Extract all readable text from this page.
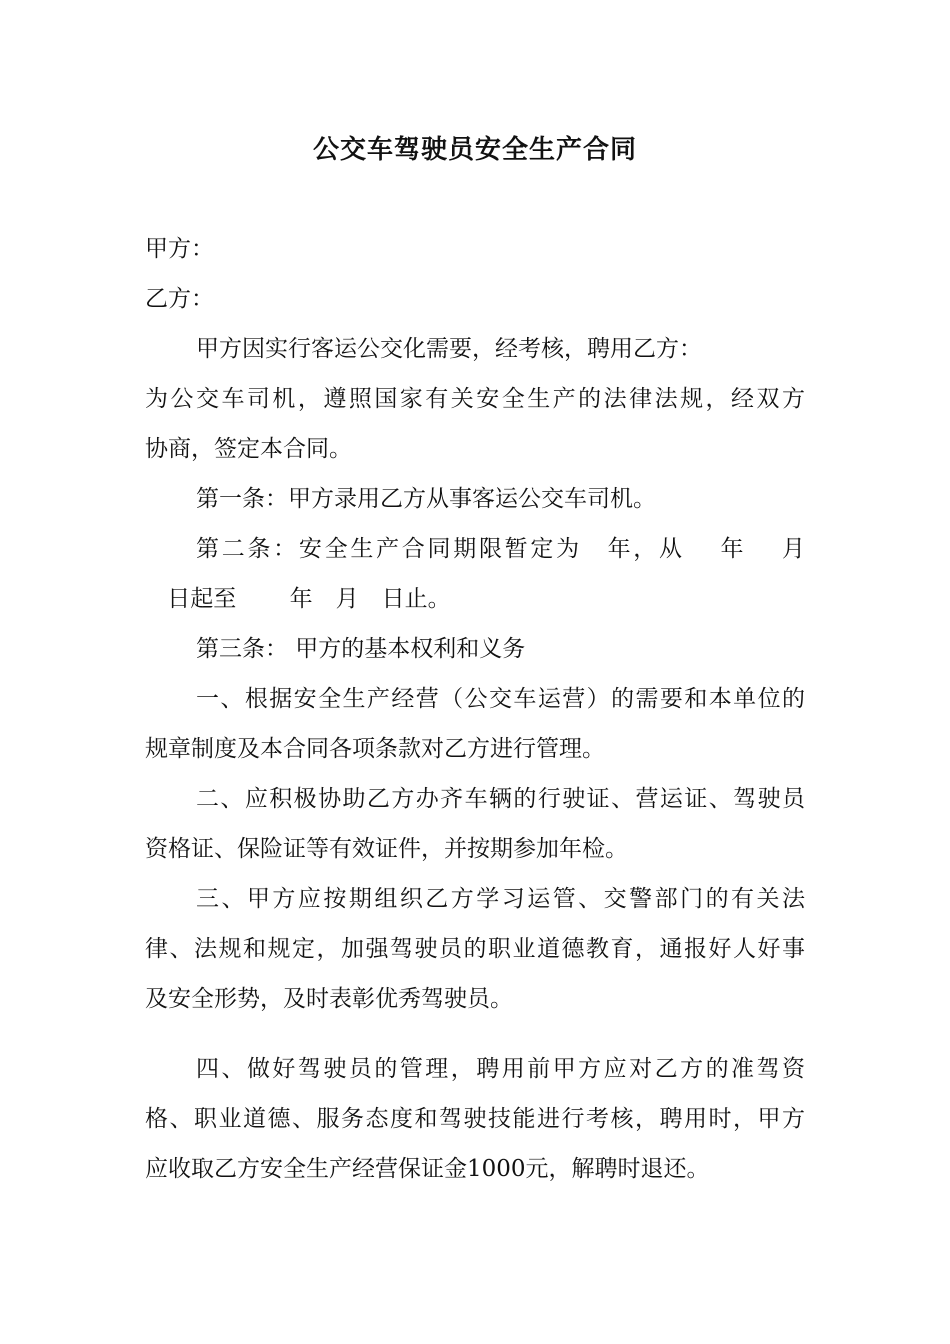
公交车驾驶员安全生产合同
甲方：
乙方：
甲方因实行客运公交化需要，经考核，聘用乙方：
为公交车司机，遵照国家有关安全生产的法律法规，经双方
协商，签定本合同。
第一条：甲方录用乙方从事客运公交车司机。
第二条：安全生产合同期限暂定为　年，从　 年　 月
日起至　　 年　月　日止。
第三条： 甲方的基本权利和义务
一、根据安全生产经营（公交车运营）的需要和本单位的
规章制度及本合同各项条款对乙方进行管理。
二、应积极协助乙方办齐车辆的行驶证、营运证、驾驶员
资格证、保险证等有效证件，并按期参加年检。
三、甲方应按期组织乙方学习运管、交警部门的有关法
律、法规和规定，加强驾驶员的职业道德教育，通报好人好事
及安全形势，及时表彰优秀驾驶员。
四、做好驾驶员的管理，聘用前甲方应对乙方的准驾资
格、职业道德、服务态度和驾驶技能进行考核，聘用时，甲方
应收取乙方安全生产经营保证金1000元，解聘时退还。
